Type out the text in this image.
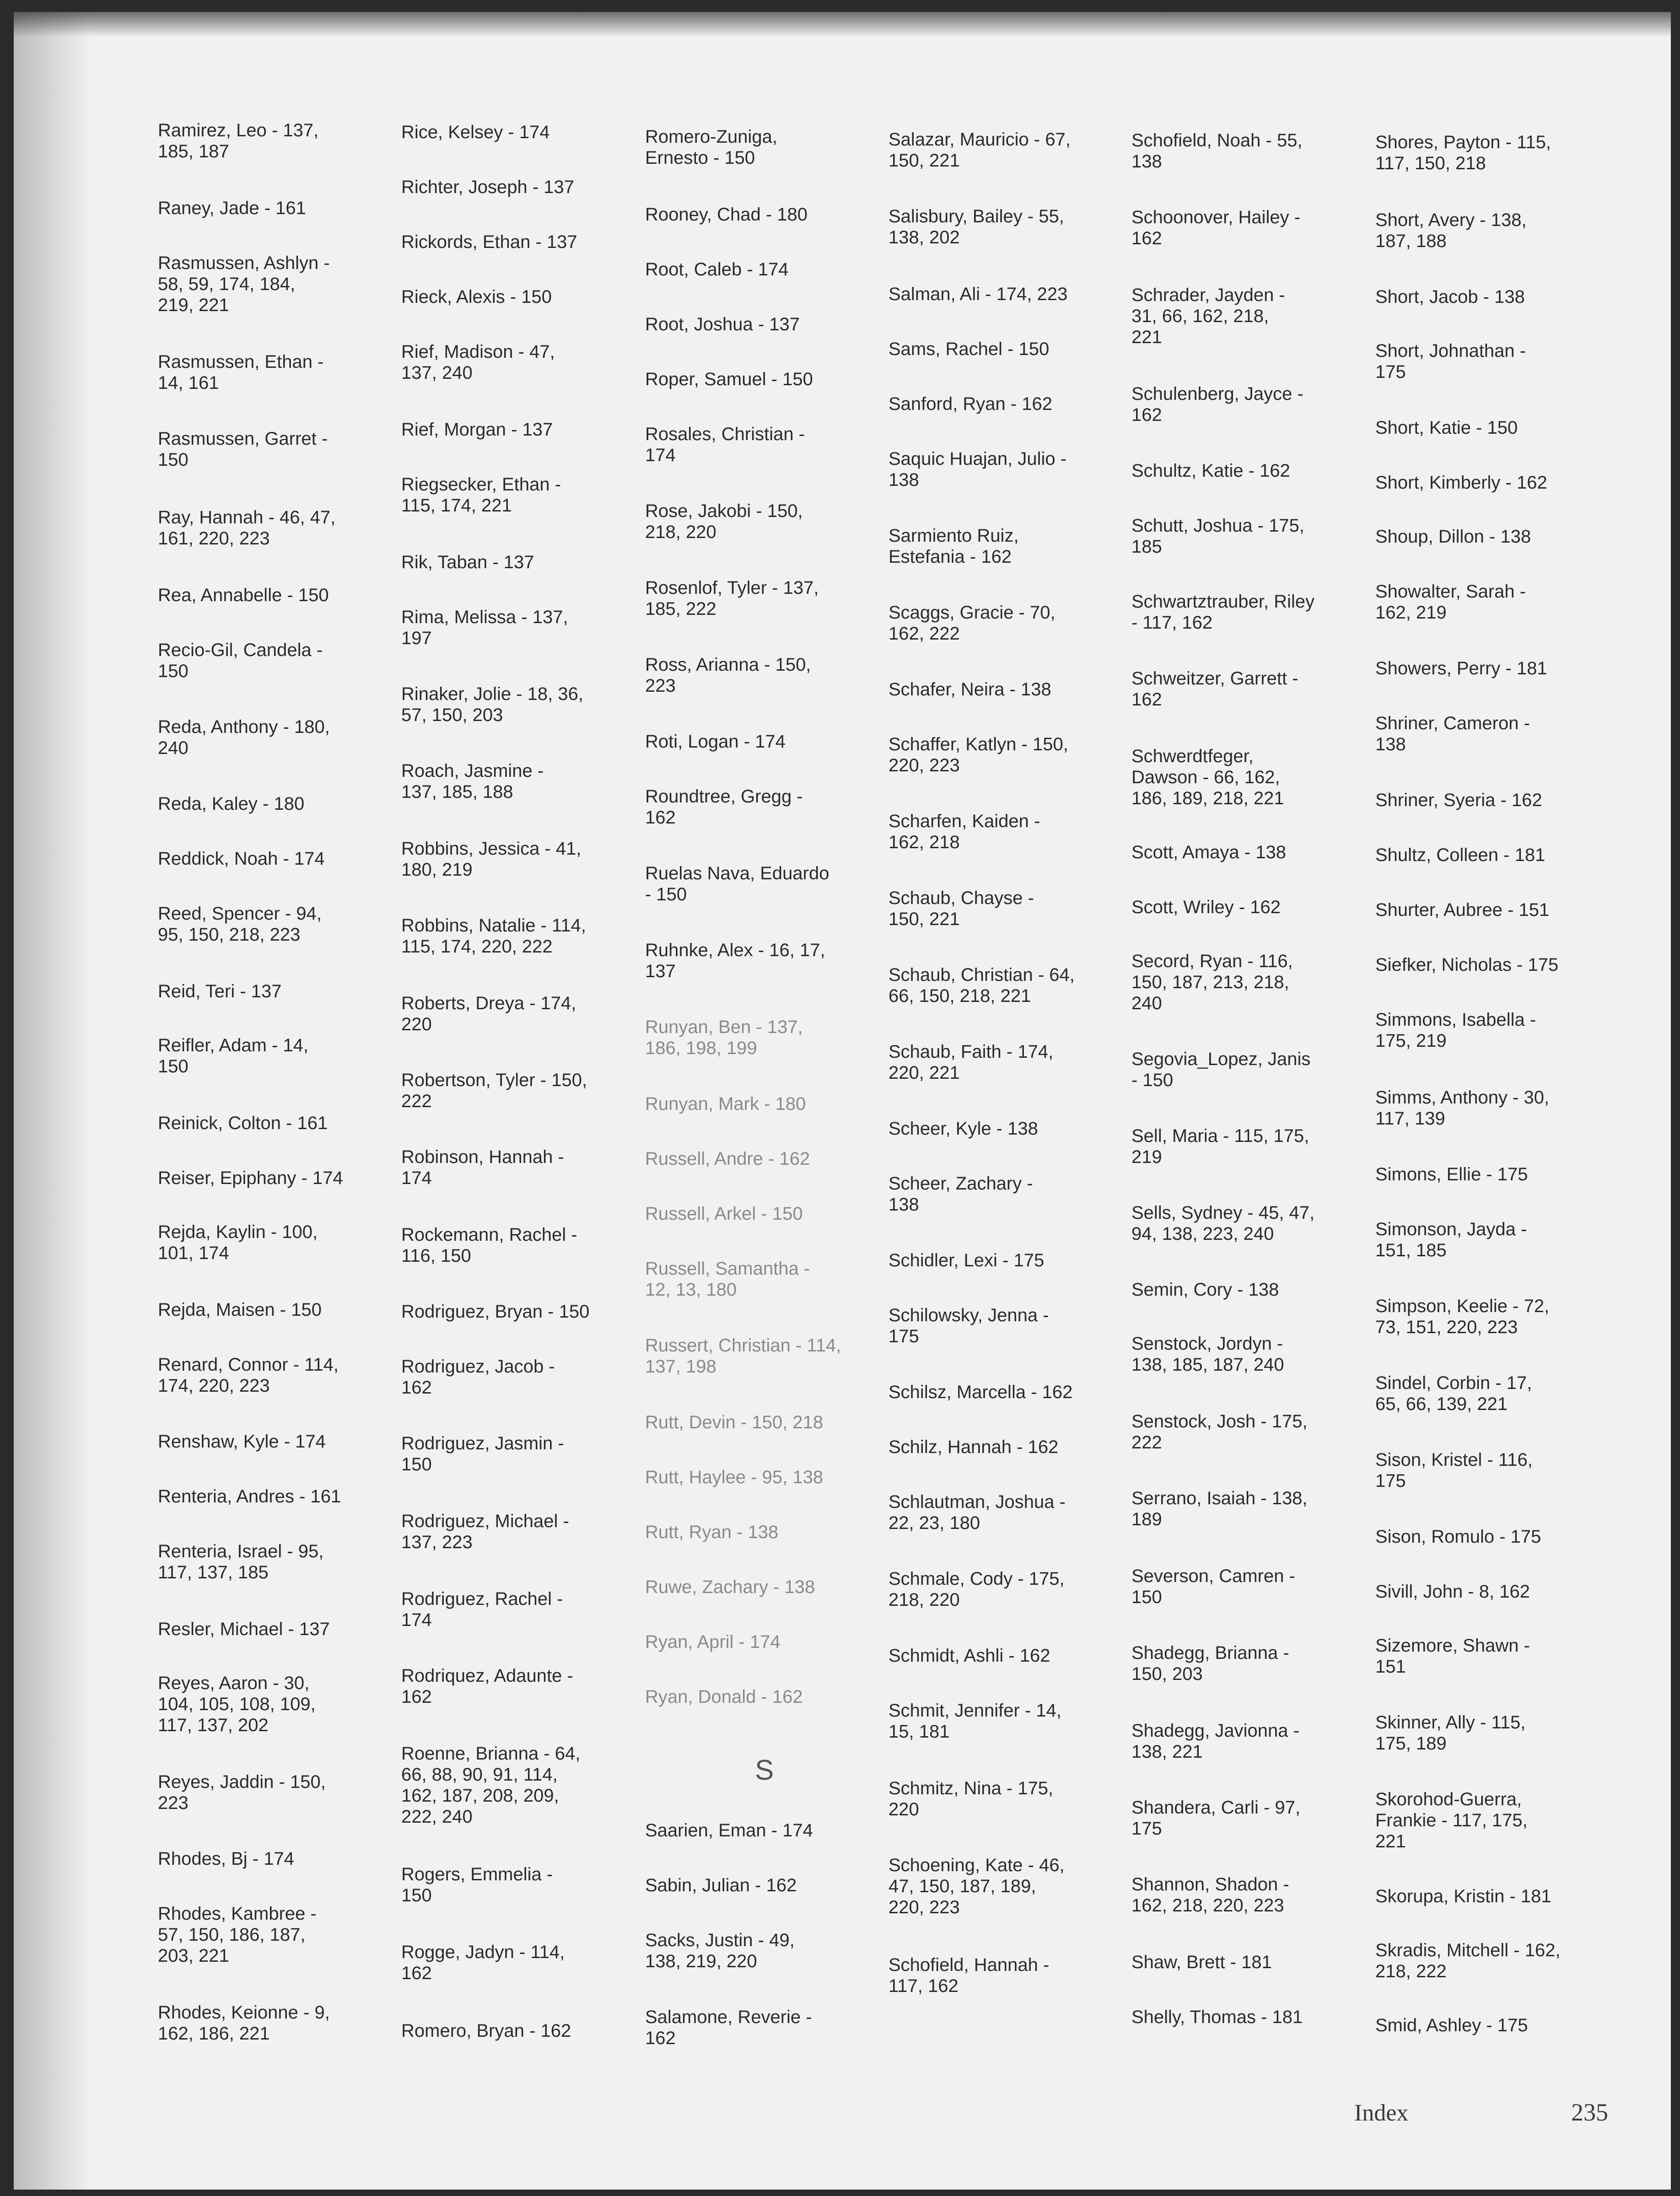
Ramirez, Leo - 137,
185, 187

Raney, Jade - 161

Rasmussen, Ashlyn -
58, 59, 174, 184,
219, 221

Rasmussen, Ethan -
14, 161

Rasmussen, Garret -
150

Ray, Hannah - 46, 47,
161, 220, 223

Rea, Annabelle - 150

Recio-Gil, Candela -
150

Reda, Anthony - 180,
240

Reda, Kaley - 180

Reddick, Noah - 174

Reed, Spencer - 94,
95, 150, 218, 223

Reid, Teri - 137

Reifler, Adam - 14,
150

Reinick, Colton - 161

Reiser, Epiphany - 174

Rejda, Kaylin - 100,
101, 174

Rejda, Maisen - 150

Renard, Connor - 114,
174, 220, 223

Renshaw, Kyle - 174

Renteria, Andres - 161

Renteria, Israel - 95,
117, 137, 185

Resler, Michael - 137

Reyes, Aaron - 30,
104, 105, 108, 109,
117, 137, 202

Reyes, Jaddin - 150,
223

Rhodes, Bj - 174

Rhodes, Kambree -
57, 150, 186, 187,
203, 221

Rhodes, Keionne - 9,
162, 186, 221

Rice, Kelsey - 174

Richter, Joseph - 137

Rickords, Ethan - 137

Rieck, Alexis - 150

Rief, Madison - 47,
137, 240

Rief, Morgan - 137

Riegsecker, Ethan -
115, 174, 221

Rik, Taban - 137

Rima, Melissa - 137,
197

Rinaker, Jolie - 18, 36,
57, 150, 203

Roach, Jasmine -
137, 185, 188

Robbins, Jessica - 41,
180, 219

Robbins, Natalie - 114,
115, 174, 220, 222

Roberts, Dreya - 174,
220

Robertson, Tyler - 150,
222

Robinson, Hannah -
174

Rockemann, Rachel -
116, 150

Rodriguez, Bryan - 150

Rodriguez, Jacob -
162

Rodriguez, Jasmin -
150

Rodriguez, Michael -
137, 223

Rodriguez, Rachel -
174

Rodriquez, Adaunte -
162

Roenne, Brianna - 64,
66, 88, 90, 91, 114,
162, 187, 208, 209,
222, 240

Rogers, Emmelia -
150

Rogge, Jadyn - 114,
162

Romero, Bryan - 162

Romero-Zuniga,
Ernesto - 150

Rooney, Chad - 180

Root, Caleb - 174

Root, Joshua - 137

Roper, Samuel - 150

Rosales, Christian -
174

Rose, Jakobi - 150,
218, 220

Rosenlof, Tyler - 137,
185, 222

Ross, Arianna - 150,
223

Roti, Logan - 174

Roundtree, Gregg -
162

Ruelas Nava, Eduardo
- 150

Ruhnke, Alex - 16, 17,
137

Runyan, Ben - 137,
186, 198, 199

Runyan, Mark - 180

Russell, Andre - 162

Russell, Arkel - 150

Russell, Samantha -
12, 13, 180

Russert, Christian - 114,
137, 198

Rutt, Devin - 150, 218

Rutt, Haylee - 95, 138

Rutt, Ryan - 138

Ruwe, Zachary - 138

Ryan, April - 174

Ryan, Donald - 162

S

Saarien, Eman - 174

Sabin, Julian - 162

Sacks, Justin - 49,
138, 219, 220

Salamone, Reverie -
162

Salazar, Mauricio - 67,
150, 221

Salisbury, Bailey - 55,
138, 202

Salman, Ali - 174, 223

Sams, Rachel - 150

Sanford, Ryan - 162

Saquic Huajan, Julio -
138

Sarmiento Ruiz,
Estefania - 162

Scaggs, Gracie - 70,
162, 222

Schafer, Neira - 138

Schaffer, Katlyn - 150,
220, 223

Scharfen, Kaiden -
162, 218

Schaub, Chayse -
150, 221

Schaub, Christian - 64,
66, 150, 218, 221

Schaub, Faith - 174,
220, 221

Scheer, Kyle - 138

Scheer, Zachary -
138

Schidler, Lexi - 175

Schilowsky, Jenna -
175

Schilsz, Marcella - 162

Schilz, Hannah - 162

Schlautman, Joshua -
22, 23, 180

Schmale, Cody - 175,
218, 220

Schmidt, Ashli - 162

Schmit, Jennifer - 14,
15, 181

Schmitz, Nina - 175,
220

Schoening, Kate - 46,
47, 150, 187, 189,
220, 223

Schofield, Hannah -
117, 162

Schofield, Noah - 55,
138

Schoonover, Hailey -
162

Schrader, Jayden -
31, 66, 162, 218,
221

Schulenberg, Jayce -
162

Schultz, Katie - 162

Schutt, Joshua - 175,
185

Schwartztrauber, Riley
- 117, 162

Schweitzer, Garrett -
162

Schwerdtfeger,
Dawson - 66, 162,
186, 189, 218, 221

Scott, Amaya - 138

Scott, Wriley - 162

Secord, Ryan - 116,
150, 187, 213, 218,
240

Segovia_Lopez, Janis
- 150

Sell, Maria - 115, 175,
219

Sells, Sydney - 45, 47,
94, 138, 223, 240

Semin, Cory - 138

Senstock, Jordyn -
138, 185, 187, 240

Senstock, Josh - 175,
222

Serrano, Isaiah - 138,
189

Severson, Camren -
150

Shadegg, Brianna -
150, 203

Shadegg, Javionna -
138, 221

Shandera, Carli - 97,
175

Shannon, Shadon -
162, 218, 220, 223

Shaw, Brett - 181

Shelly, Thomas - 181

Shores, Payton - 115,
117, 150, 218

Short, Avery - 138,
187, 188

Short, Jacob - 138

Short, Johnathan -
175

Short, Katie - 150

Short, Kimberly - 162

Shoup, Dillon - 138

Showalter, Sarah -
162, 219

Showers, Perry - 181

Shriner, Cameron -
138

Shriner, Syeria - 162

Shultz, Colleen - 181

Shurter, Aubree - 151

Siefker, Nicholas - 175

Simmons, Isabella -
175, 219

Simms, Anthony - 30,
117, 139

Simons, Ellie - 175

Simonson, Jayda -
151, 185

Simpson, Keelie - 72,
73, 151, 220, 223

Sindel, Corbin - 17,
65, 66, 139, 221

Sison, Kristel - 116,
175

Sison, Romulo - 175

Sivill, John - 8, 162

Sizemore, Shawn -
151

Skinner, Ally - 115,
175, 189

Skorohod-Guerra,
Frankie - 117, 175,
221

Skorupa, Kristin - 181

Skradis, Mitchell - 162,
218, 222

Smid, Ashley - 175

Index	235
